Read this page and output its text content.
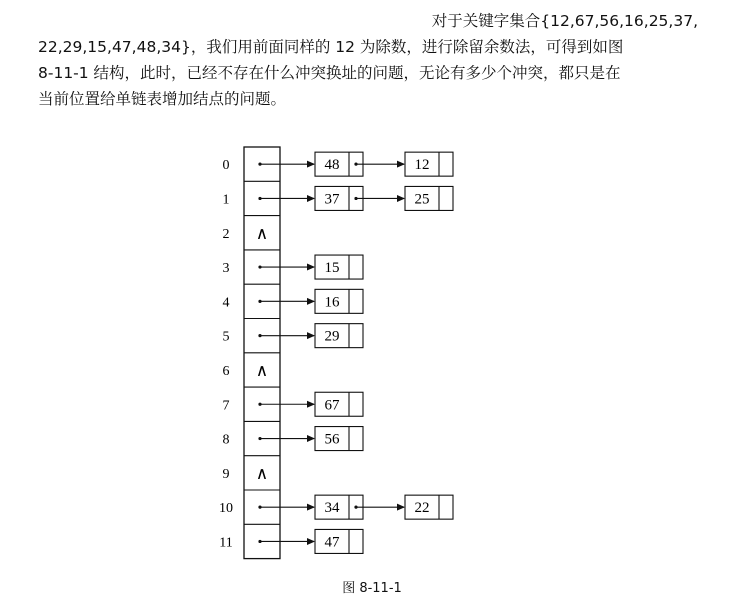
对于关键字集合{12,67,56,16,25,37,
22,29,15,47,48,34}，我们用前面同样的 12 为除数，进行除留余数法，可得到如图
8-11-1 结构，此时，已经不存在什么冲突换址的问题，无论有多少个冲突，都只是在
当前位置给单链表增加结点的问题。
0	48	12
1	37	25
2 ∧
3	15
4	16
5	29
6 ∧
7	67
8	56
9 ∧
10	34	22
11	47
图 8-11-1
